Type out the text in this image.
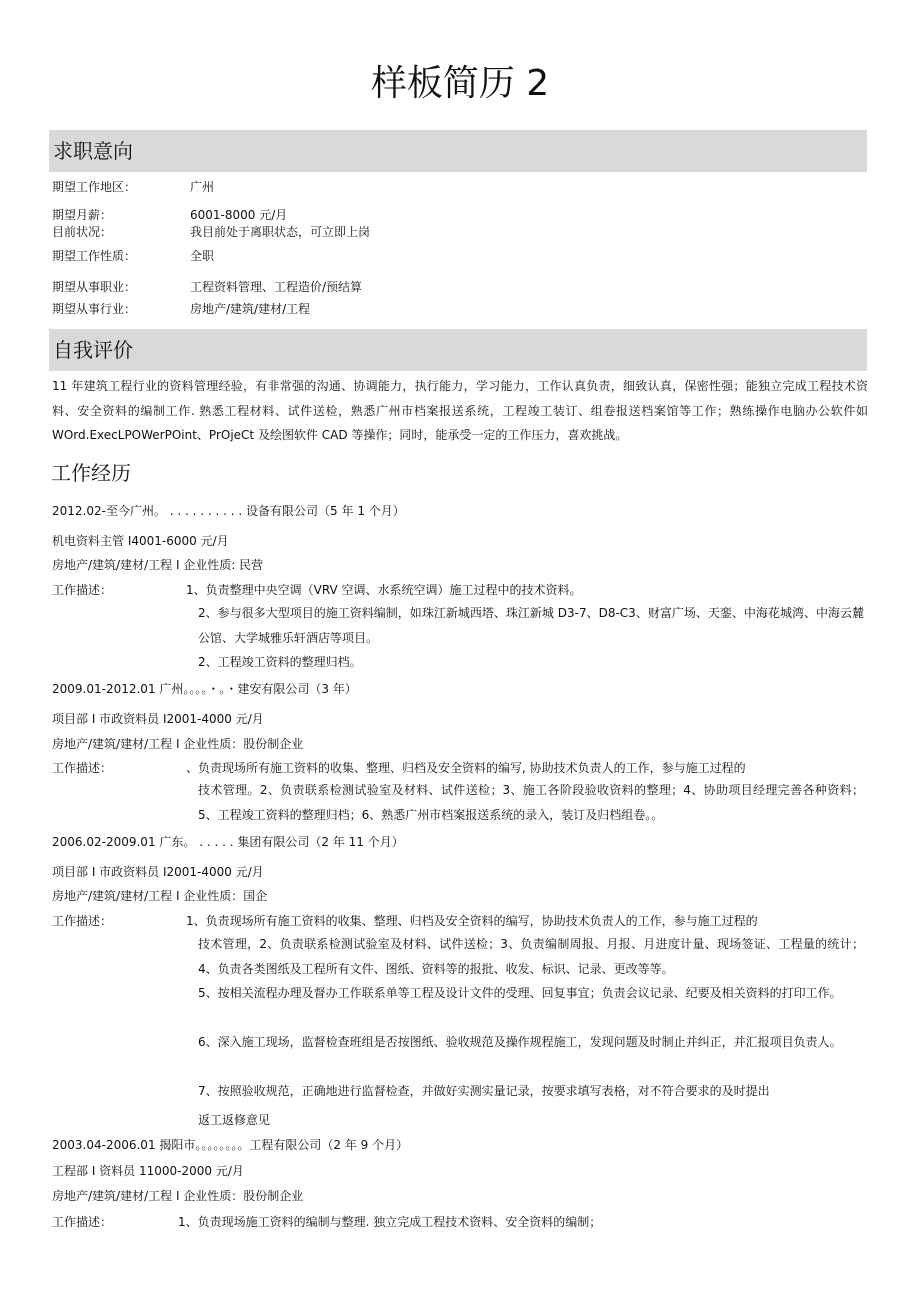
样板简历 2
求职意向
期望工作地区：	广州
期望月薪：	6001-8000 元/月
目前状况：	我目前处于离职状态，可立即上岗
期望工作性质：	全职
期望从事职业：	工程资料管理、工程造价/预结算
期望从事行业：	房地产/建筑/建材/工程
自我评价
11 年建筑工程行业的资料管理经验，有非常强的沟通、协调能力，执行能力，学习能力，工作认真负责，细致认真，保密性强；能独立完成工程技术资料、安全资料的编制工作. 熟悉工程材料、试件送检，熟悉广州市档案报送系统，工程竣工装订、组卷报送档案馆等工作；熟练操作电脑办公软件如 WOrd.ExecLPOWerPOint、PrOjeCt 及绘图软件 CAD 等操作；同时，能承受一定的工作压力，喜欢挑战。
工作经历
2012.02-至今广州。 . . . . . . . . . . 设备有限公司（5 年 1 个月）
机电资料主管 I4001-6000 元/月
房地产/建筑/建材/工程 I 企业性质: 民营
工作描述：	1、负责整理中央空调（VRV 空调、水系统空调）施工过程中的技术资料。
2、参与很多大型项目的施工资料编制，如珠江新城西塔、珠江新城 D3-7、D8-C3、财富广场、天銮、中海花城湾、中海云麓公馆、大学城雅乐轩酒店等项目。
2、工程竣工资料的整理归档。
2009.01-2012.01 广州。。。。・。・建安有限公司（3 年）
项目部 I 市政资料员 I2001-4000 元/月
房地产/建筑/建材/工程 I 企业性质：股份制企业
工作描述：	、负责现场所有施工资料的收集、整理、归档及安全资料的编写, 协助技术负责人的工作，参与施工过程的
技术管理。2、负责联系检测试验室及材料、试件送检；3、施工各阶段验收资料的整理；4、协助项目经理完善各种资料；5、工程竣工资料的整理归档；6、熟悉广州市档案报送系统的录入，装订及归档组卷。。
2006.02-2009.01 广东。 . . . . . 集团有限公司（2 年 11 个月）
项目部 I 市政资料员 I2001-4000 元/月
房地产/建筑/建材/工程 I 企业性质：国企
工作描述：	1、负责现场所有施工资料的收集、整理、归档及安全资料的编写，协助技术负责人的工作，参与施工过程的
技术管理，2、负责联系检测试验室及材料、试件送检；3、负责编制周报、月报、月进度计量、现场签证、工程量的统计；4、负责各类图纸及工程所有文件、图纸、资料等的报批、收发、标识、记录、更改等等。
5、按相关流程办理及督办工作联系单等工程及设计文件的受理、回复事宜；负责会议记录、纪要及相关资料的打印工作。
6、深入施工现场，监督检查班组是否按图纸、验收规范及操作规程施工，发现问题及时制止并纠正，并汇报项目负责人。
7、按照验收规范，正确地进行监督检查，并做好实测实量记录，按要求填写表格，对不符合要求的及时提出
返工返修意见
2003.04-2006.01 揭阳市。。。。。。。。工程有限公司（2 年 9 个月）
工程部 I 资料员 11000-2000 元/月
房地产/建筑/建材/工程 I 企业性质：股份制企业
工作描述：	1、负责现场施工资料的编制与整理. 独立完成工程技术资料、安全资料的编制；
